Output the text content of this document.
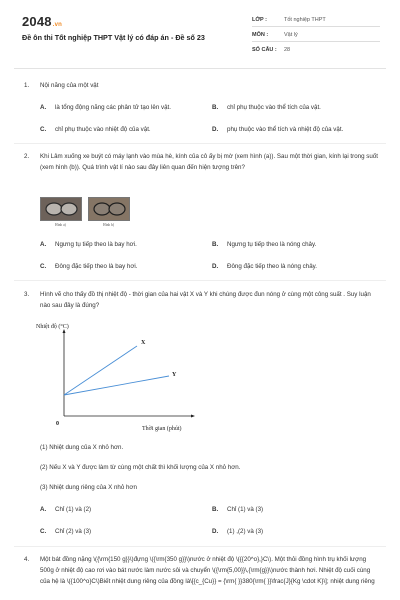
2048.vn
Đề ôn thi Tốt nghiệp THPT Vật lý có đáp án - Đề số 23
LỚP :	Tốt nghiệp THPT
MÔN :	Vật lý
SỐ CÂU : 28
1. Nội năng của một vật
A. là tổng động năng các phân tử tạo lên vật.	B. chỉ phụ thuộc vào thể tích của vật.
C. chỉ phụ thuộc vào nhiệt độ của vật.	D. phụ thuộc vào thể tích và nhiệt độ của vật.
2. Khi Lâm xuống xe buýt có máy lạnh vào mùa hè, kính của cô ấy bị mờ (xem hình (a)). Sau một thời gian, kính lại trong suốt (xem hình (b)). Quá trình vật lí nào sau đây liên quan đến hiện tượng trên?
Hình a)	Hình b)
A. Ngưng tụ tiếp theo là bay hơi.	B. Ngưng tụ tiếp theo là nóng chảy.
C. Đông đặc tiếp theo là bay hơi.	D. Đông đặc tiếp theo là nóng chảy.
3. Hình vẽ cho thấy đồ thị nhiệt độ - thời gian của hai vật X và Y khi chúng được đun nóng ở cùng một công suất . Suy luận nào sau đây là đúng?
Nhiệt độ (°C)
Thời gian (phút)
0
X
Y
(1) Nhiệt dung của X nhỏ hơn.
(2) Nếu X và Y được làm từ cùng một chất thì khối lượng của X nhỏ hơn.
(3) Nhiệt dung riêng của X nhỏ hơn
A. Chỉ (1) và (2)	B. Chỉ (1) và (3)
C. Chỉ (2) và (3)	D. (1) ,(2) và (3)
4. Một bát đồng nặng \({\rm{150 g}}\)đựng \({\rm{350 g}}\)nước ở nhiệt độ \({{20^o},}C\). Một thỏi đồng hình trụ khối lượng 500g ở nhiệt độ cao rơi vào bát nước làm nước sôi và chuyển \({\rm{5,00}}\,{\rm{g}}\)nước thành hơi. Nhiệt độ cuối cùng của hệ là \({100^o}C\)Biết nhiệt dung riêng của đồng là\[{c_{Cu}} = {\rm{ }}380{\rm{ }}\frac{J}{Kg \cdot K}\]; nhiệt dung riêng
